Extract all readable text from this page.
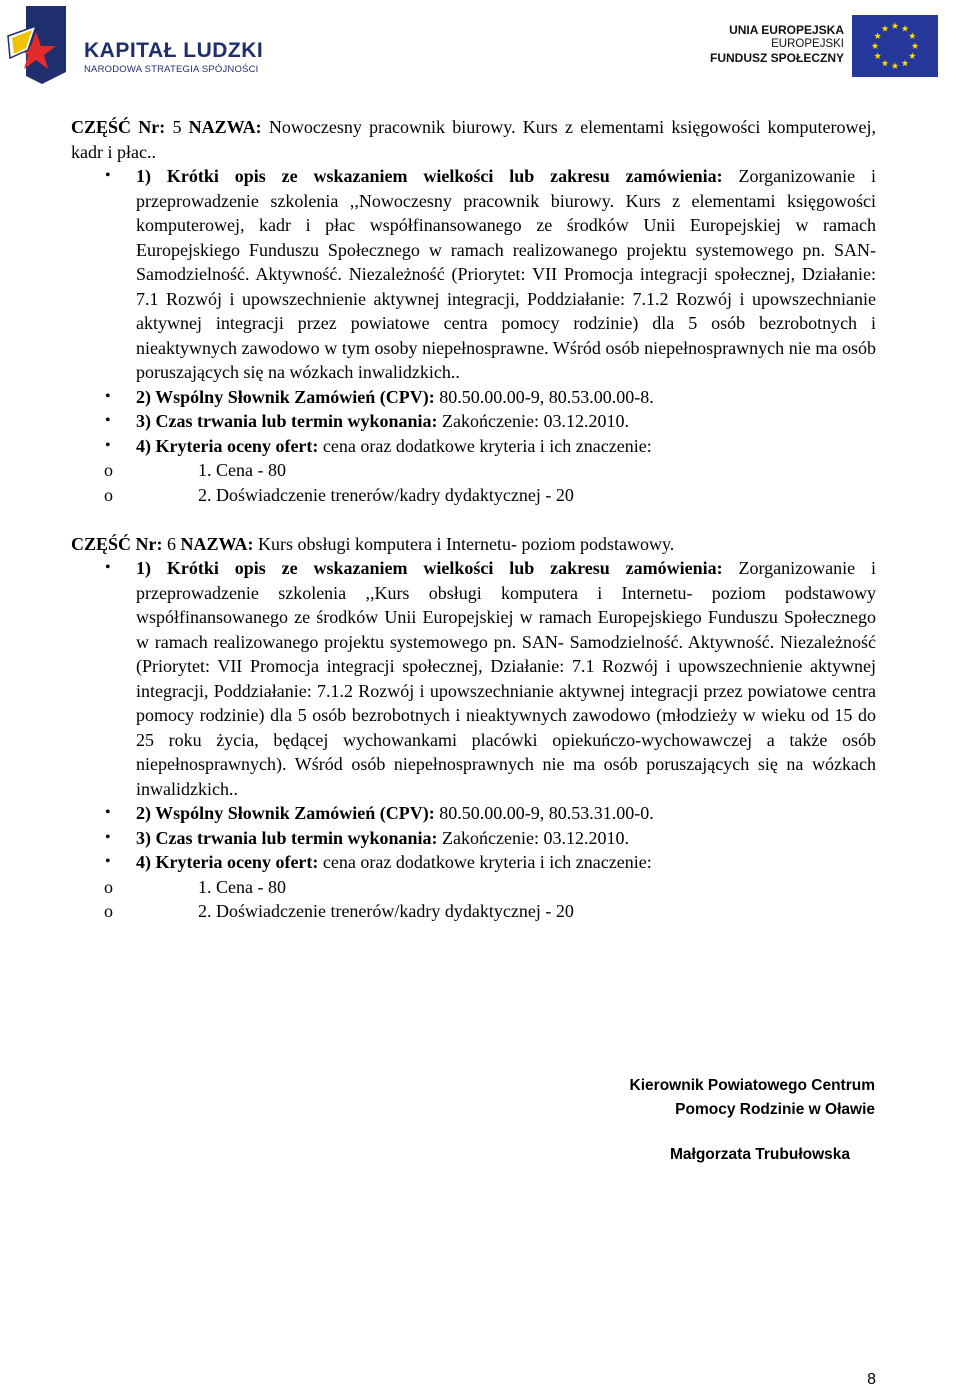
KAPITAŁ LUDZKI
NARODOWA STRATEGIA SPÓJNOŚCI
UNIA EUROPEJSKA
EUROPEJSKI
FUNDUSZ SPOŁECZNY

CZĘŚĆ Nr: 5 NAZWA: Nowoczesny pracownik biurowy. Kurs z elementami księgowości komputerowej, kadr i płac..

• 1) Krótki opis ze wskazaniem wielkości lub zakresu zamówienia: Zorganizowanie i przeprowadzenie szkolenia ,,Nowoczesny pracownik biurowy. Kurs z elementami księgowości komputerowej, kadr i płac współfinansowanego ze środków Unii Europejskiej w ramach Europejskiego Funduszu Społecznego w ramach realizowanego projektu systemowego pn. SAN- Samodzielność. Aktywność. Niezależność (Priorytet: VII Promocja integracji społecznej, Działanie: 7.1 Rozwój i upowszechnienie aktywnej integracji, Poddziałanie: 7.1.2 Rozwój i upowszechnianie aktywnej integracji przez powiatowe centra pomocy rodzinie) dla 5 osób bezrobotnych i nieaktywnych zawodowo w tym osoby niepełnosprawne. Wśród osób niepełnosprawnych nie ma osób poruszających się na wózkach inwalidzkich..
• 2) Wspólny Słownik Zamówień (CPV): 80.50.00.00-9, 80.53.00.00-8.
• 3) Czas trwania lub termin wykonania: Zakończenie: 03.12.2010.
• 4) Kryteria oceny ofert: cena oraz dodatkowe kryteria i ich znaczenie:
o 1. Cena - 80
o 2. Doświadczenie trenerów/kadry dydaktycznej - 20

CZĘŚĆ Nr: 6 NAZWA: Kurs obsługi komputera i Internetu- poziom podstawowy.

• 1) Krótki opis ze wskazaniem wielkości lub zakresu zamówienia: Zorganizowanie i przeprowadzenie szkolenia ,,Kurs obsługi komputera i Internetu- poziom podstawowy współfinansowanego ze środków Unii Europejskiej w ramach Europejskiego Funduszu Społecznego w ramach realizowanego projektu systemowego pn. SAN- Samodzielność. Aktywność. Niezależność (Priorytet: VII Promocja integracji społecznej, Działanie: 7.1 Rozwój i upowszechnienie aktywnej integracji, Poddziałanie: 7.1.2 Rozwój i upowszechnianie aktywnej integracji przez powiatowe centra pomocy rodzinie) dla 5 osób bezrobotnych i nieaktywnych zawodowo (młodzieży w wieku od 15 do 25 roku życia, będącej wychowankami placówki opiekuńczo-wychowawczej a także osób niepełnosprawnych). Wśród osób niepełnosprawnych nie ma osób poruszających się na wózkach inwalidzkich..
• 2) Wspólny Słownik Zamówień (CPV): 80.50.00.00-9, 80.53.31.00-0.
• 3) Czas trwania lub termin wykonania: Zakończenie: 03.12.2010.
• 4) Kryteria oceny ofert: cena oraz dodatkowe kryteria i ich znaczenie:
o 1. Cena - 80
o 2. Doświadczenie trenerów/kadry dydaktycznej - 20
Kierownik Powiatowego Centrum
Pomocy Rodzinie w Oławie
Małgorzata Trubułowska
8
